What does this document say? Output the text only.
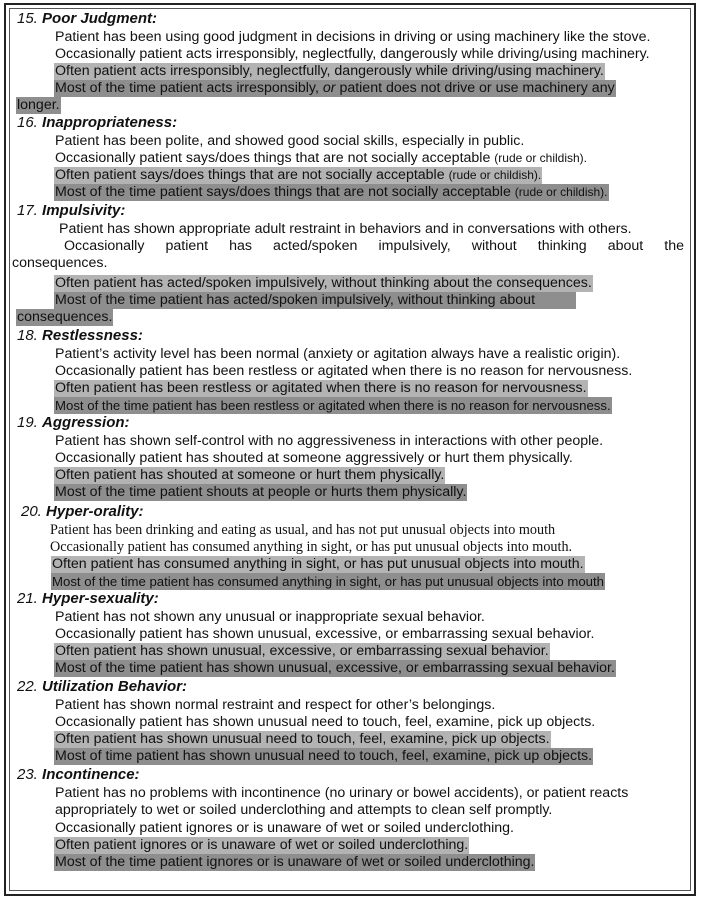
15. Poor Judgment:
Patient has been using good judgment in decisions in driving or using machinery like the stove.
Occasionally patient acts irresponsibly, neglectfully, dangerously while driving/using machinery.
Often patient acts irresponsibly, neglectfully, dangerously while driving/using machinery.
Most of the time patient acts irresponsibly, or patient does not drive or use machinery any
longer.
16. Inappropriateness:
Patient has been polite, and showed good social skills, especially in public.
Occasionally patient says/does things that are not socially acceptable (rude or childish).
Often patient says/does things that are not socially acceptable (rude or childish).
Most of the time patient says/does things that are not socially acceptable (rude or childish).
17. Impulsivity:
Patient has shown appropriate adult restraint in behaviors and in conversations with others.
Occasionally patient has acted/spoken impulsively, without thinking about the
consequences.
Often patient has acted/spoken impulsively, without thinking about the consequences.
Most of the time patient has acted/spoken impulsively, without thinking about
consequences.
18. Restlessness:
Patient’s activity level has been normal (anxiety or agitation always have a realistic origin).
Occasionally patient has been restless or agitated when there is no reason for nervousness.
Often patient has been restless or agitated when there is no reason for nervousness.
Most of the time patient has been restless or agitated when there is no reason for nervousness.
19. Aggression:
Patient has shown self-control with no aggressiveness in interactions with other people.
Occasionally patient has shouted at someone aggressively or hurt them physically.
Often patient has shouted at someone or hurt them physically.
Most of the time patient shouts at people or hurts them physically.
20. Hyper-orality:
Patient has been drinking and eating as usual, and has not put unusual objects into mouth
Occasionally patient has consumed anything in sight, or has put unusual objects into mouth.
Often patient has consumed anything in sight, or has put unusual objects into mouth.
Most of the time patient has consumed anything in sight, or has put unusual objects into mouth
21. Hyper-sexuality:
Patient has not shown any unusual or inappropriate sexual behavior.
Occasionally patient has shown unusual, excessive, or embarrassing sexual behavior.
Often patient has shown unusual, excessive, or embarrassing sexual behavior.
Most of the time patient has shown unusual, excessive, or embarrassing sexual behavior.
22. Utilization Behavior:
Patient has shown normal restraint and respect for other’s belongings.
Occasionally patient has shown unusual need to touch, feel, examine, pick up objects.
Often patient has shown unusual need to touch, feel, examine, pick up objects.
Most of time patient has shown unusual need to touch, feel, examine, pick up objects.
23. Incontinence:
Patient has no problems with incontinence (no urinary or bowel accidents), or patient reacts
appropriately to wet or soiled underclothing and attempts to clean self promptly.
Occasionally patient ignores or is unaware of wet or soiled underclothing.
Often patient ignores or is unaware of wet or soiled underclothing.
Most of the time patient ignores or is unaware of wet or soiled underclothing.
